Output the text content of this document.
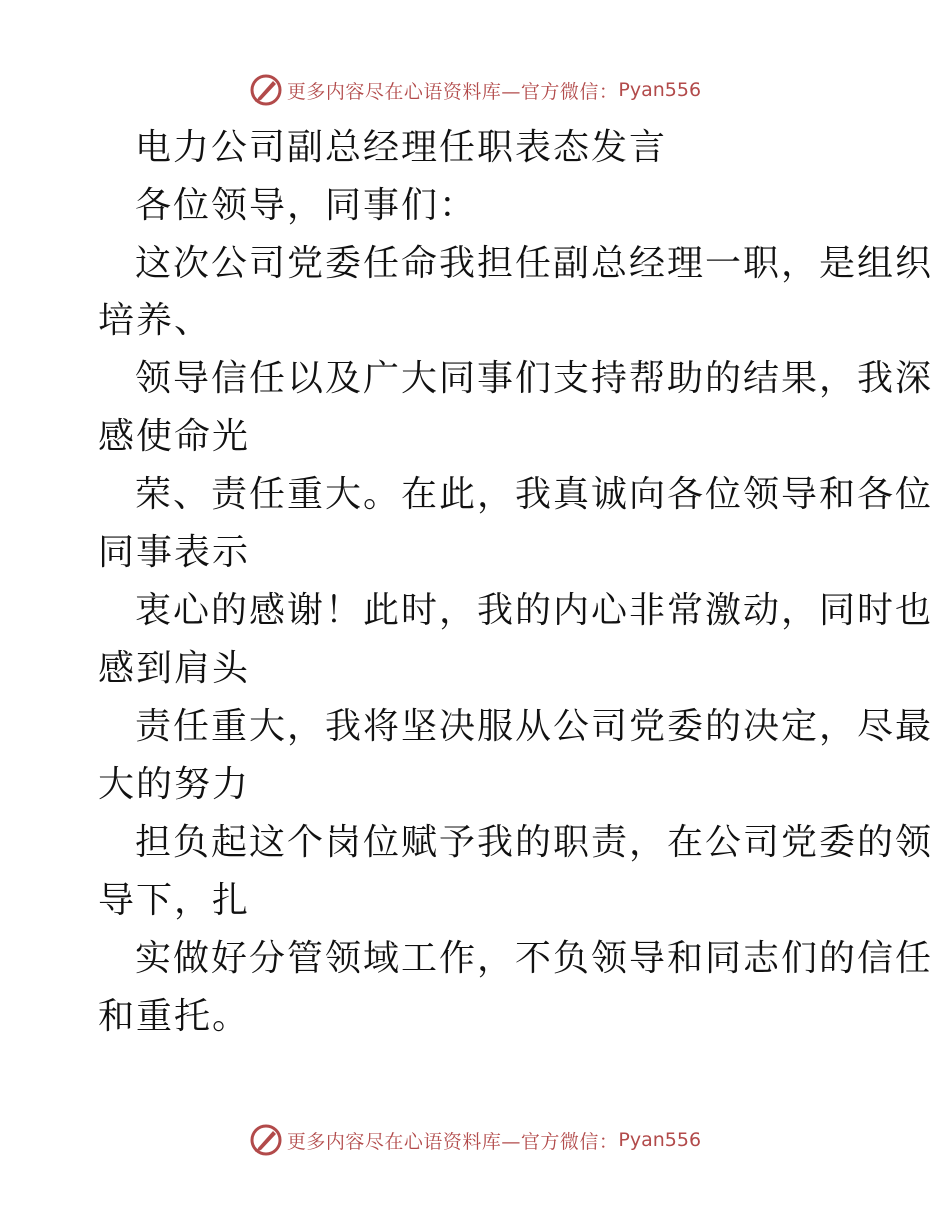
更多内容尽在心语资料库—官方微信： Pyan556
电力公司副总经理任职表态发言
各位领导，同事们：
这次公司党委任命我担任副总经理一职，是组织
培养、
领导信任以及广大同事们支持帮助的结果，我深
感使命光
荣、责任重大。在此，我真诚向各位领导和各位
同事表示
衷心的感谢！此时，我的内心非常激动，同时也
感到肩头
责任重大，我将坚决服从公司党委的决定，尽最
大的努力
担负起这个岗位赋予我的职责，在公司党委的领
导下，扎
实做好分管领域工作，不负领导和同志们的信任
和重托。
更多内容尽在心语资料库—官方微信： Pyan556
